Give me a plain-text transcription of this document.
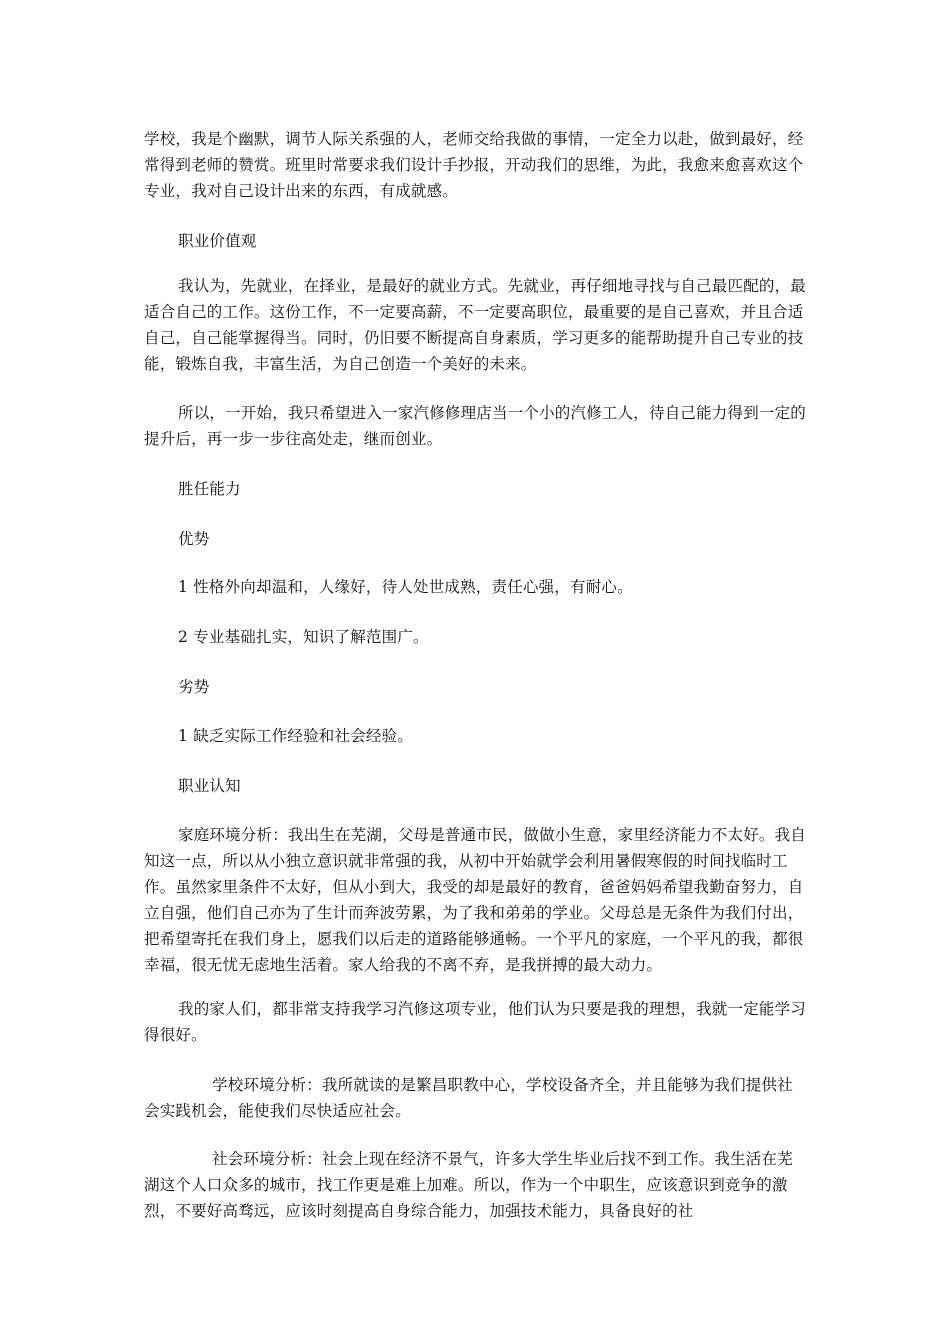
学校，我是个幽默，调节人际关系强的人，老师交给我做的事情，一定全力以赴，做到最好，经常得到老师的赞赏。班里时常要求我们设计手抄报，开动我们的思维，为此，我愈来愈喜欢这个专业，我对自己设计出来的东西，有成就感。

职业价值观

我认为，先就业，在择业，是最好的就业方式。先就业，再仔细地寻找与自己最匹配的，最适合自己的工作。这份工作，不一定要高薪，不一定要高职位，最重要的是自己喜欢，并且合适自己，自己能掌握得当。同时，仍旧要不断提高自身素质，学习更多的能帮助提升自己专业的技能，锻炼自我，丰富生活，为自己创造一个美好的未来。

所以，一开始，我只希望进入一家汽修修理店当一个小的汽修工人，待自己能力得到一定的提升后，再一步一步往高处走，继而创业。

胜任能力

优势

1 性格外向却温和，人缘好，待人处世成熟，责任心强，有耐心。

2 专业基础扎实，知识了解范围广。

劣势

1 缺乏实际工作经验和社会经验。

职业认知

家庭环境分析：我出生在芜湖，父母是普通市民，做做小生意，家里经济能力不太好。我自知这一点，所以从小独立意识就非常强的我，从初中开始就学会利用暑假寒假的时间找临时工作。虽然家里条件不太好，但从小到大，我受的却是最好的教育，爸爸妈妈希望我勤奋努力，自立自强，他们自己亦为了生计而奔波劳累，为了我和弟弟的学业。父母总是无条件为我们付出，把希望寄托在我们身上，愿我们以后走的道路能够通畅。一个平凡的家庭，一个平凡的我，都很幸福，很无忧无虑地生活着。家人给我的不离不弃，是我拼搏的最大动力。

我的家人们，都非常支持我学习汽修这项专业，他们认为只要是我的理想，我就一定能学习得很好。

学校环境分析：我所就读的是繁昌职教中心，学校设备齐全，并且能够为我们提供社会实践机会，能使我们尽快适应社会。

社会环境分析：社会上现在经济不景气，许多大学生毕业后找不到工作。我生活在芜湖这个人口众多的城市，找工作更是难上加难。所以，作为一个中职生，应该意识到竞争的激烈，不要好高骛远，应该时刻提高自身综合能力，加强技术能力，具备良好的社
